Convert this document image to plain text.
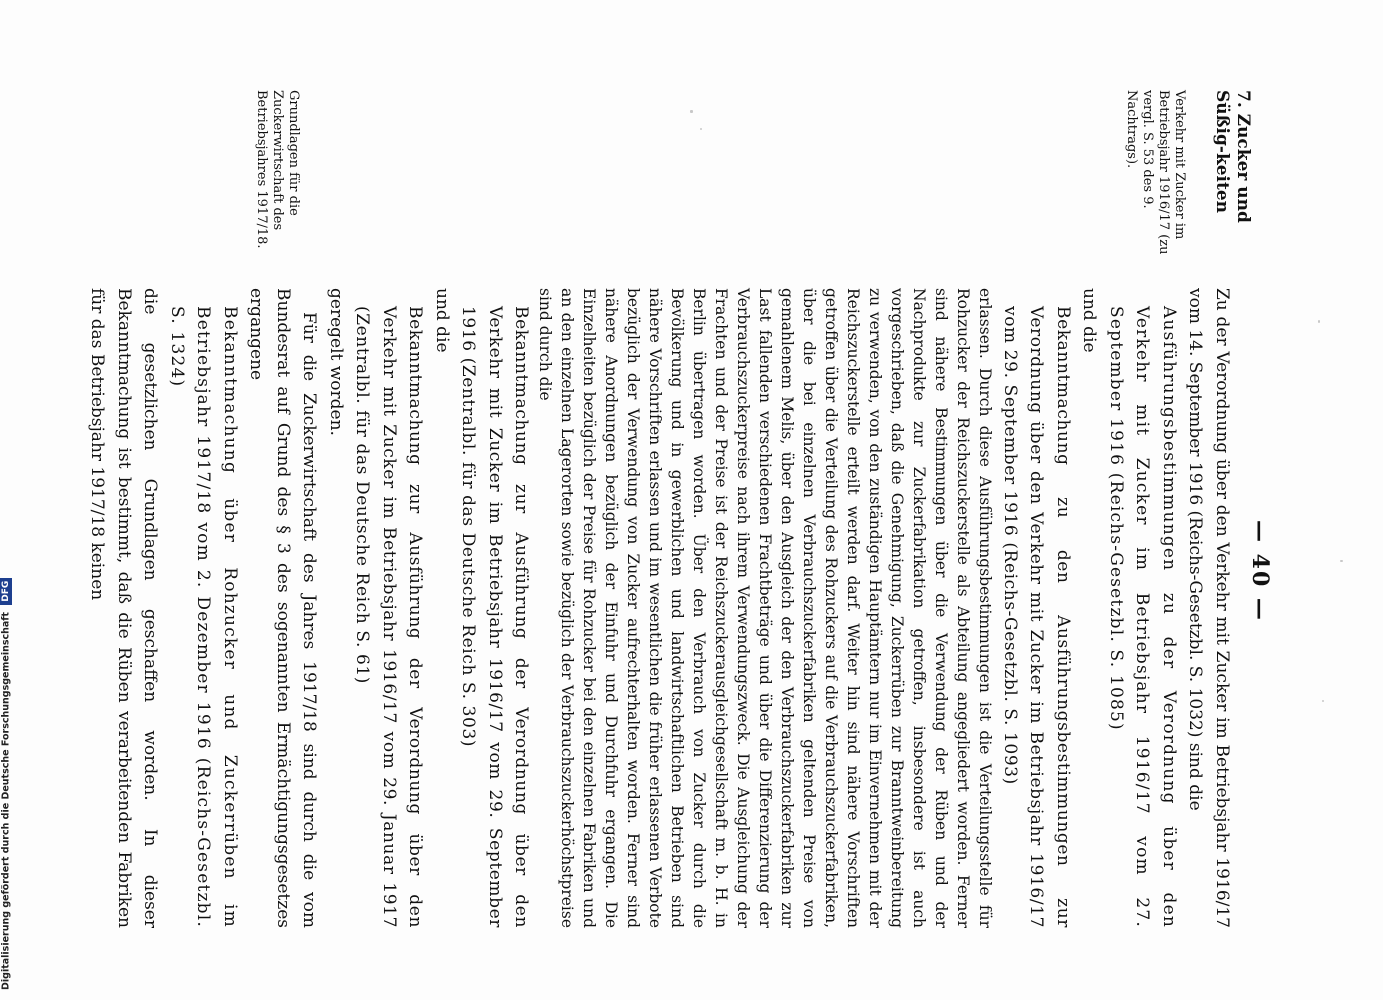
— 40 —
7. Zucker und Süßig-keiten
Verkehr mit Zucker im Betriebsjahr 1916/17 (zu vergl. S. 53 des 9. Nachtrags).
Grundlagen für die Zuckerwirtschaft des Betriebsjahres 1917/18.

Zu der Verordnung über den Verkehr mit Zucker im Betriebsjahr 1916/17 vom 14. September 1916 (Reichs-Gesetzbl. S. 1032) sind die

Ausführungsbestimmungen zu der Verordnung über den Verkehr mit Zucker im Betriebsjahr 1916/17 vom 27. September 1916 (Reichs-Gesetzbl. S. 1085)

und die

Bekanntmachung zu den Ausführungsbestimmungen zur Verordnung über den Verkehr mit Zucker im Betriebsjahr 1916/17 vom 29. September 1916 (Reichs-Gesetzbl. S. 1093)

erlassen. Durch diese Ausführungsbestimmungen ist die Verteilungsstelle für Rohzucker der Reichszuckerstelle als Abteilung angegliedert worden. Ferner sind nähere Bestimmungen über die Verwendung der Rüben und der Nachprodukte zur Zuckerfabrikation getroffen, insbesondere ist auch vorgeschrieben, daß die Genehmigung, Zuckerrüben zur Branntweinbereitung zu verwenden, von den zuständigen Hauptämtern nur im Einvernehmen mit der Reichszuckerstelle erteilt werden darf. Weiter hin sind nähere Vorschriften getroffen über die Verteilung des Rohzuckers auf die Verbrauchszuckerfabriken, über die bei einzelnen Verbrauchszuckerfabriken geltenden Preise von gemahlenem Melis, über den Ausgleich der den Verbrauchszuckerfabriken zur Last fallenden verschiedenen Frachtbeträge und über die Differenzierung der Verbrauchszuckerpreise nach ihrem Verwendungszweck. Die Ausgleichung der Frachten und der Preise ist der Reichszuckerausgleichgesellschaft m. b. H. in Berlin übertragen worden. Über den Verbrauch von Zucker durch die Bevölkerung und in gewerblichen und landwirtschaftlichen Betrieben sind nähere Vorschriften erlassen und im wesentlichen die früher erlassenen Verbote bezüglich der Verwendung von Zucker aufrechterhalten worden. Ferner sind nähere Anordnungen bezüglich der Einfuhr und Durchfuhr ergangen. Die Einzelheiten bezüglich der Preise für Rohzucker bei den einzelnen Fabriken und an den einzelnen Lagerorten sowie bezüglich der Verbrauchszuckerhöchstpreise sind durch die

Bekanntmachung zur Ausführung der Verordnung über den Verkehr mit Zucker im Betriebsjahr 1916/17 vom 29. September 1916 (Zentralbl. für das Deutsche Reich S. 303)

und die

Bekanntmachung zur Ausführung der Verordnung über den Verkehr mit Zucker im Betriebsjahr 1916/17 vom 29. Januar 1917 (Zentralbl. für das Deutsche Reich S. 61)

geregelt worden.

Für die Zuckerwirtschaft des Jahres 1917/18 sind durch die vom Bundesrat auf Grund des § 3 des sogenannten Ermächtigungsgesetzes ergangene

Bekanntmachung über Rohzucker und Zuckerrüben im Betriebsjahr 1917/18 vom 2. Dezember 1916 (Reichs-Gesetzbl. S. 1324)

die gesetzlichen Grundlagen geschaffen worden. In dieser Bekanntmachung ist bestimmt, daß die Rüben verarbeitenden Fabriken für das Betriebsjahr 1917/18 keinen

Digitalisierung gefördert durch die Deutsche Forschungsgemeinschaft DFG
